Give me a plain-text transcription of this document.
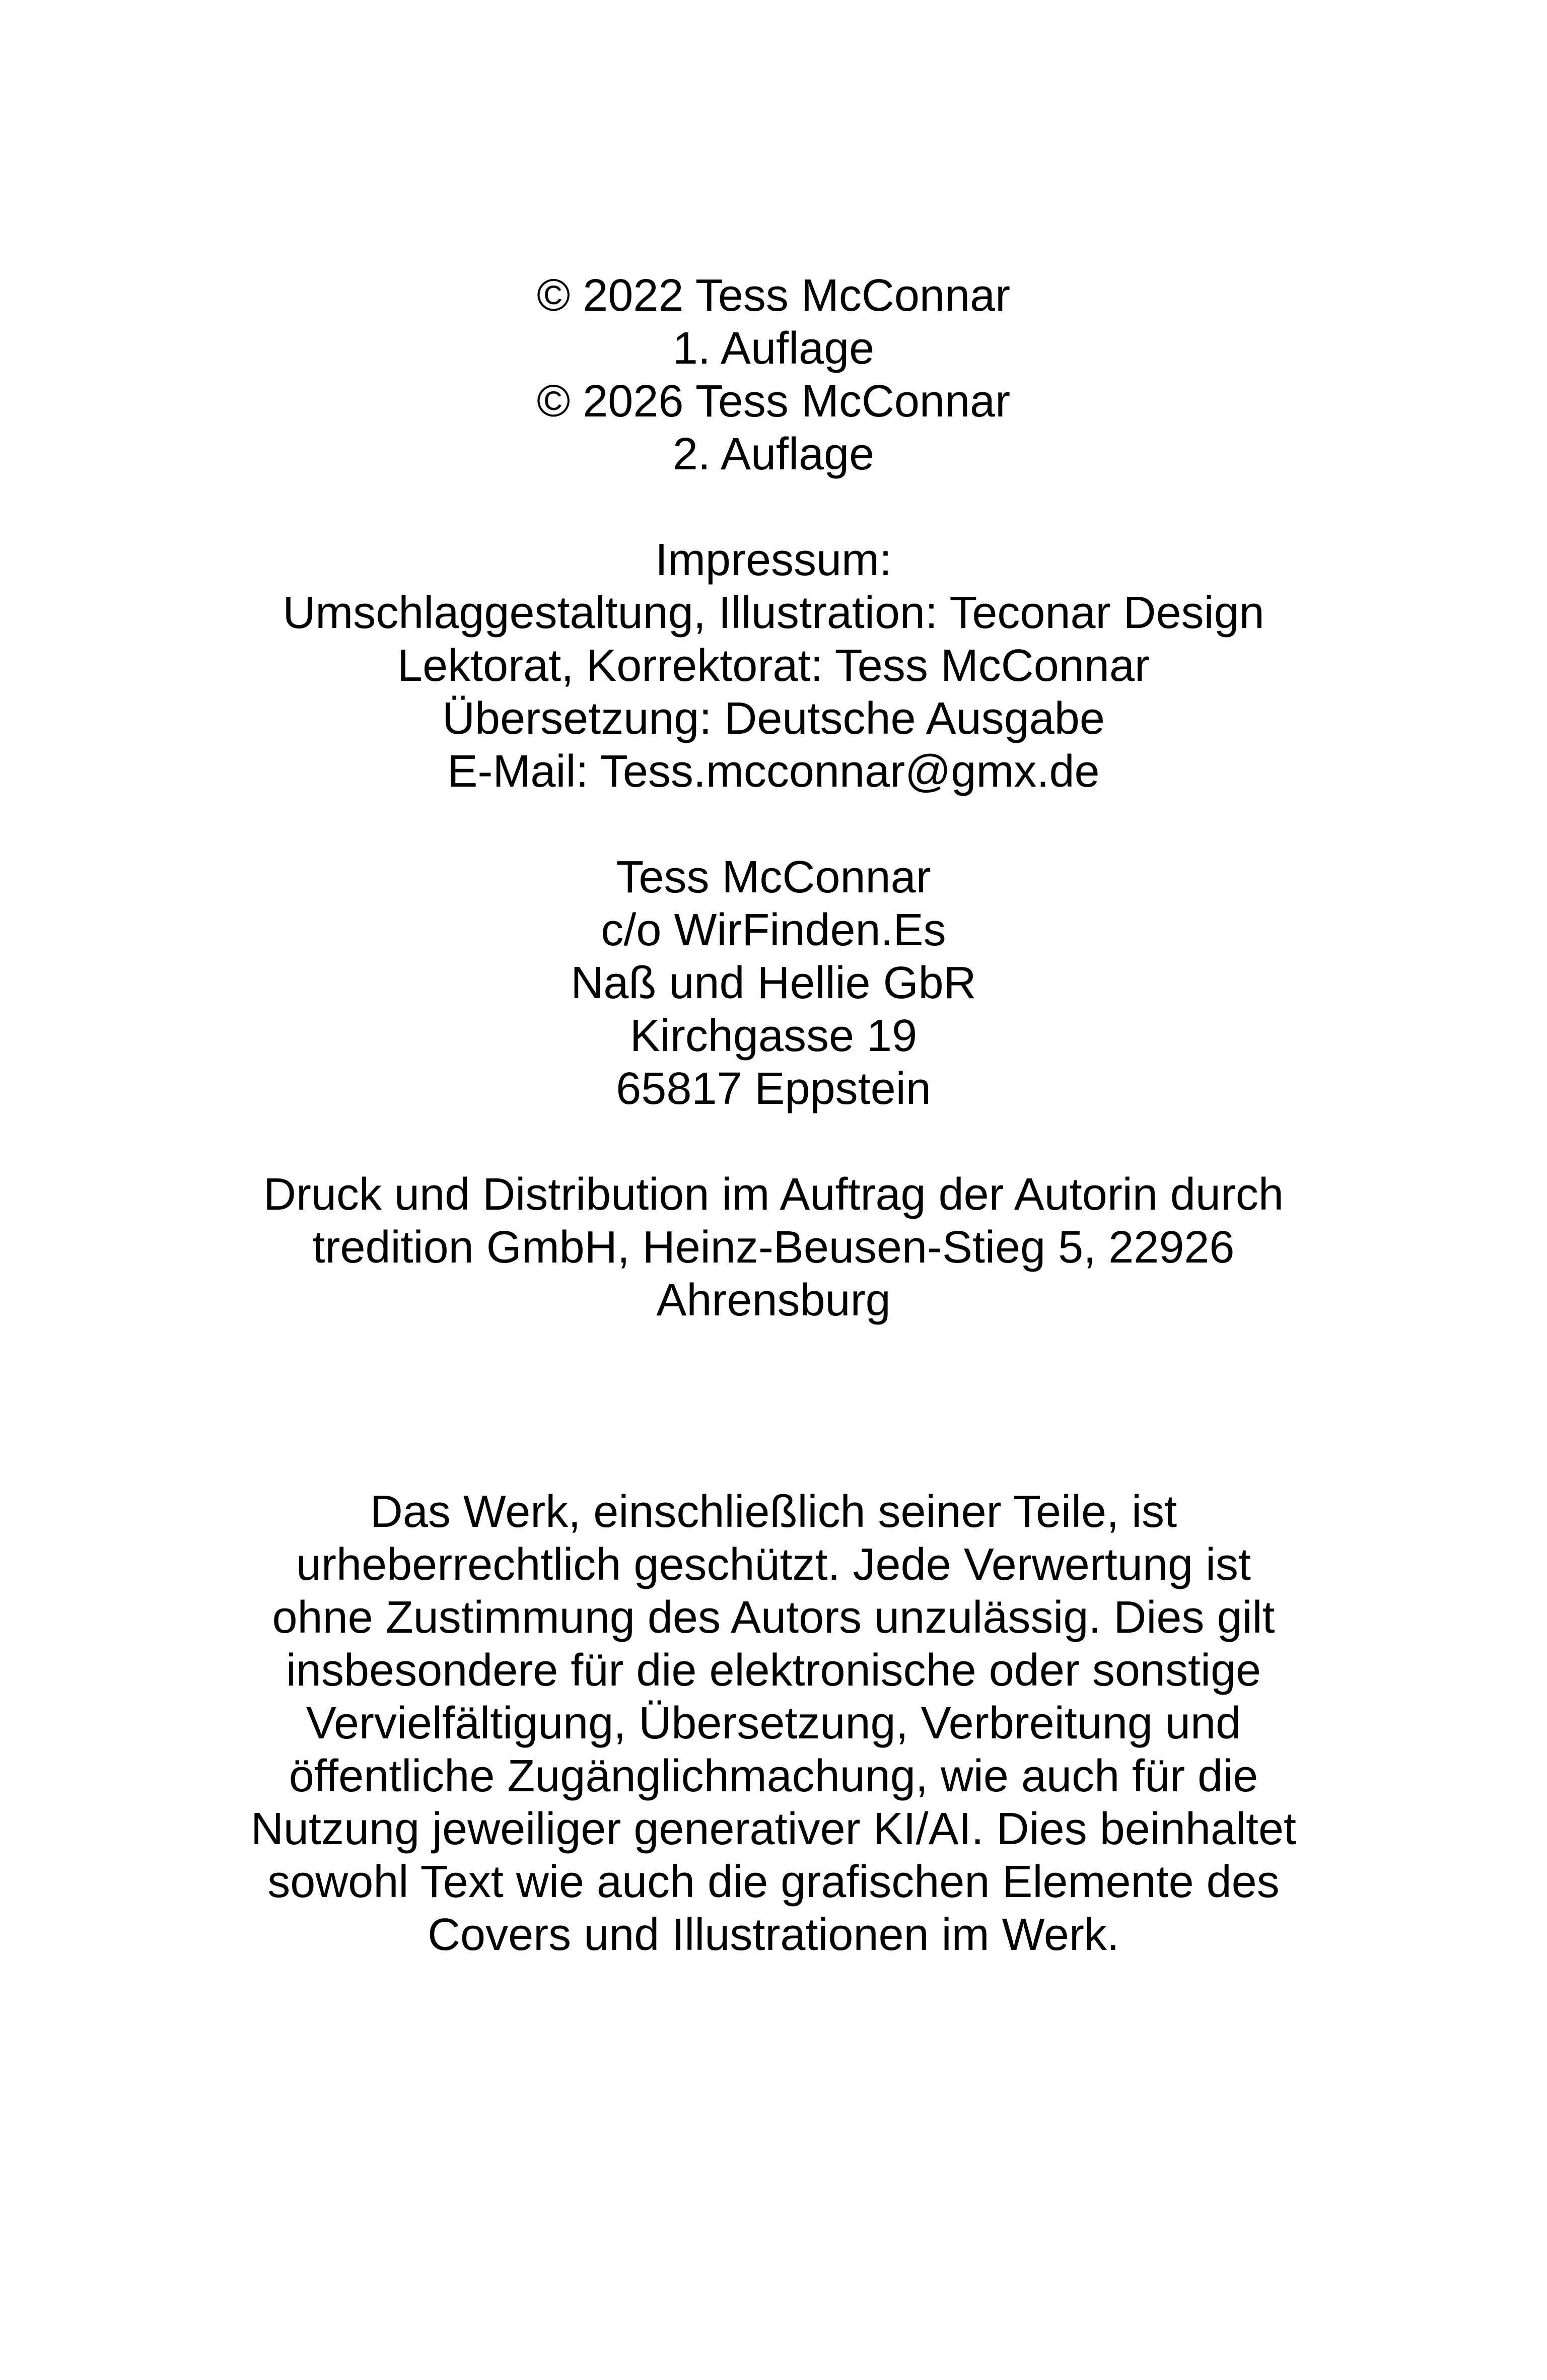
© 2022 Tess McConnar
1. Auflage
© 2026 Tess McConnar
2. Auflage
Impressum:
Umschlaggestaltung, Illustration: Teconar Design
Lektorat, Korrektorat: Tess McConnar
Übersetzung: Deutsche Ausgabe
E-Mail: Tess.mcconnar@gmx.de
Tess McConnar
c/o WirFinden.Es
Naß und Hellie GbR
Kirchgasse 19
65817 Eppstein
Druck und Distribution im Auftrag der Autorin durch
tredition GmbH, Heinz-Beusen-Stieg 5, 22926
Ahrensburg
Das Werk, einschließlich seiner Teile, ist
urheberrechtlich geschützt. Jede Verwertung ist
ohne Zustimmung des Autors unzulässig. Dies gilt
insbesondere für die elektronische oder sonstige
Vervielfältigung, Übersetzung, Verbreitung und
öffentliche Zugänglichmachung, wie auch für die
Nutzung jeweiliger generativer KI/AI. Dies beinhaltet
sowohl Text wie auch die grafischen Elemente des
Covers und Illustrationen im Werk.
